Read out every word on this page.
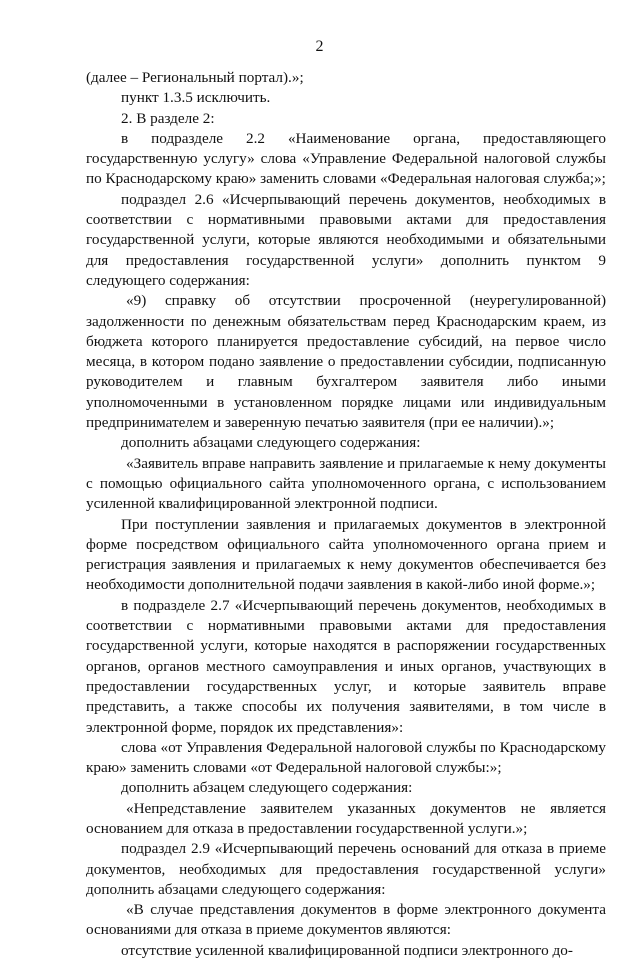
2

(далее – Региональный портал).»;

пункт 1.3.5 исключить.

2. В разделе 2:

в подразделе 2.2 «Наименование органа, предоставляющего государственную услугу» слова «Управление Федеральной налоговой службы по Краснодарскому краю» заменить словами «Федеральная налоговая служба;»;

подраздел 2.6 «Исчерпывающий перечень документов, необходимых в соответствии с нормативными правовыми актами для предоставления государственной услуги, которые являются необходимыми и обязательными для предоставления государственной услуги» дополнить пунктом 9 следующего содержания:

«9) справку об отсутствии просроченной (неурегулированной) задолженности по денежным обязательствам перед Краснодарским краем, из бюджета которого планируется предоставление субсидий, на первое число месяца, в котором подано заявление о предоставлении субсидии, подписанную руководителем и главным бухгалтером заявителя либо иными уполномоченными в установленном порядке лицами или индивидуальным предпринимателем и заверенную печатью заявителя (при ее наличии).»;

дополнить абзацами следующего содержания:

«Заявитель вправе направить заявление и прилагаемые к нему документы с помощью официального сайта уполномоченного органа, с использованием усиленной квалифицированной электронной подписи.

При поступлении заявления и прилагаемых документов в электронной форме посредством официального сайта уполномоченного органа прием и регистрация заявления и прилагаемых к нему документов обеспечивается без необходимости дополнительной подачи заявления в какой-либо иной форме.»;

в подразделе 2.7 «Исчерпывающий перечень документов, необходимых в соответствии с нормативными правовыми актами для предоставления государственной услуги, которые находятся в распоряжении государственных органов, органов местного самоуправления и иных органов, участвующих в предоставлении государственных услуг, и которые заявитель вправе представить, а также способы их получения заявителями, в том числе в электронной форме, порядок их представления»:

слова «от Управления Федеральной налоговой службы по Краснодарскому краю» заменить словами «от Федеральной налоговой службы:»;

дополнить абзацем следующего содержания:

«Непредставление заявителем указанных документов не является основанием для отказа в предоставлении государственной услуги.»;

подраздел 2.9 «Исчерпывающий перечень оснований для отказа в приеме документов, необходимых для предоставления государственной услуги» дополнить абзацами следующего содержания:

«В случае представления документов в форме электронного документа основаниями для отказа в приеме документов являются:

отсутствие усиленной квалифицированной подписи электронного до-
